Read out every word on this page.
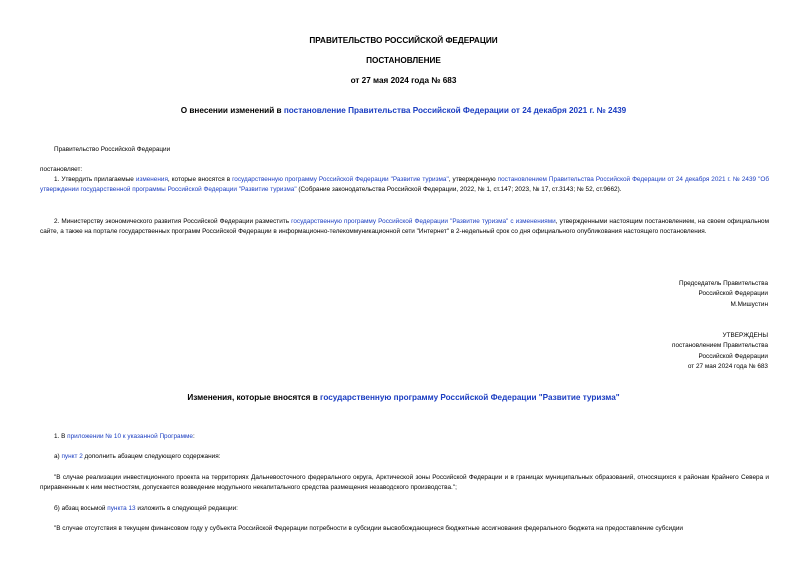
ПРАВИТЕЛЬСТВО РОССИЙСКОЙ ФЕДЕРАЦИИ
ПОСТАНОВЛЕНИЕ
от 27 мая 2024 года № 683
О внесении изменений в постановление Правительства Российской Федерации от 24 декабря 2021 г. № 2439
Правительство Российской Федерации
постановляет:
1. Утвердить прилагаемые изменения, которые вносятся в государственную программу Российской Федерации "Развитие туризма", утвержденную постановлением Правительства Российской Федерации от 24 декабря 2021 г. № 2439 "Об утверждении государственной программы Российской Федерации "Развитие туризма" (Собрание законодательства Российской Федерации, 2022, № 1, ст.147; 2023, № 17, ст.3143; № 52, ст.9662).
2. Министерству экономического развития Российской Федерации разместить государственную программу Российской Федерации "Развитие туризма" с изменениями, утвержденными настоящим постановлением, на своем официальном сайте, а также на портале государственных программ Российской Федерации в информационно-телекоммуникационной сети "Интернет" в 2-недельный срок со дня официального опубликования настоящего постановления.
Председатель Правительства
Российской Федерации
М.Мишустин
УТВЕРЖДЕНЫ
постановлением Правительства
Российской Федерации
от 27 мая 2024 года № 683
Изменения, которые вносятся в государственную программу Российской Федерации "Развитие туризма"
1. В приложении № 10 к указанной Программе:
а) пункт 2 дополнить абзацем следующего содержания:
"В случае реализации инвестиционного проекта на территориях Дальневосточного федерального округа, Арктической зоны Российской Федерации и в границах муниципальных образований, относящихся к районам Крайнего Севера и приравненным к ним местностям, допускается возведение модульного некапитального средства размещения незаводского производства.";
б) абзац восьмой пункта 13 изложить в следующей редакции:
"В случае отсутствия в текущем финансовом году у субъекта Российской Федерации потребности в субсидии высвобождающиеся бюджетные ассигнования федерального бюджета на предоставление субсидии
